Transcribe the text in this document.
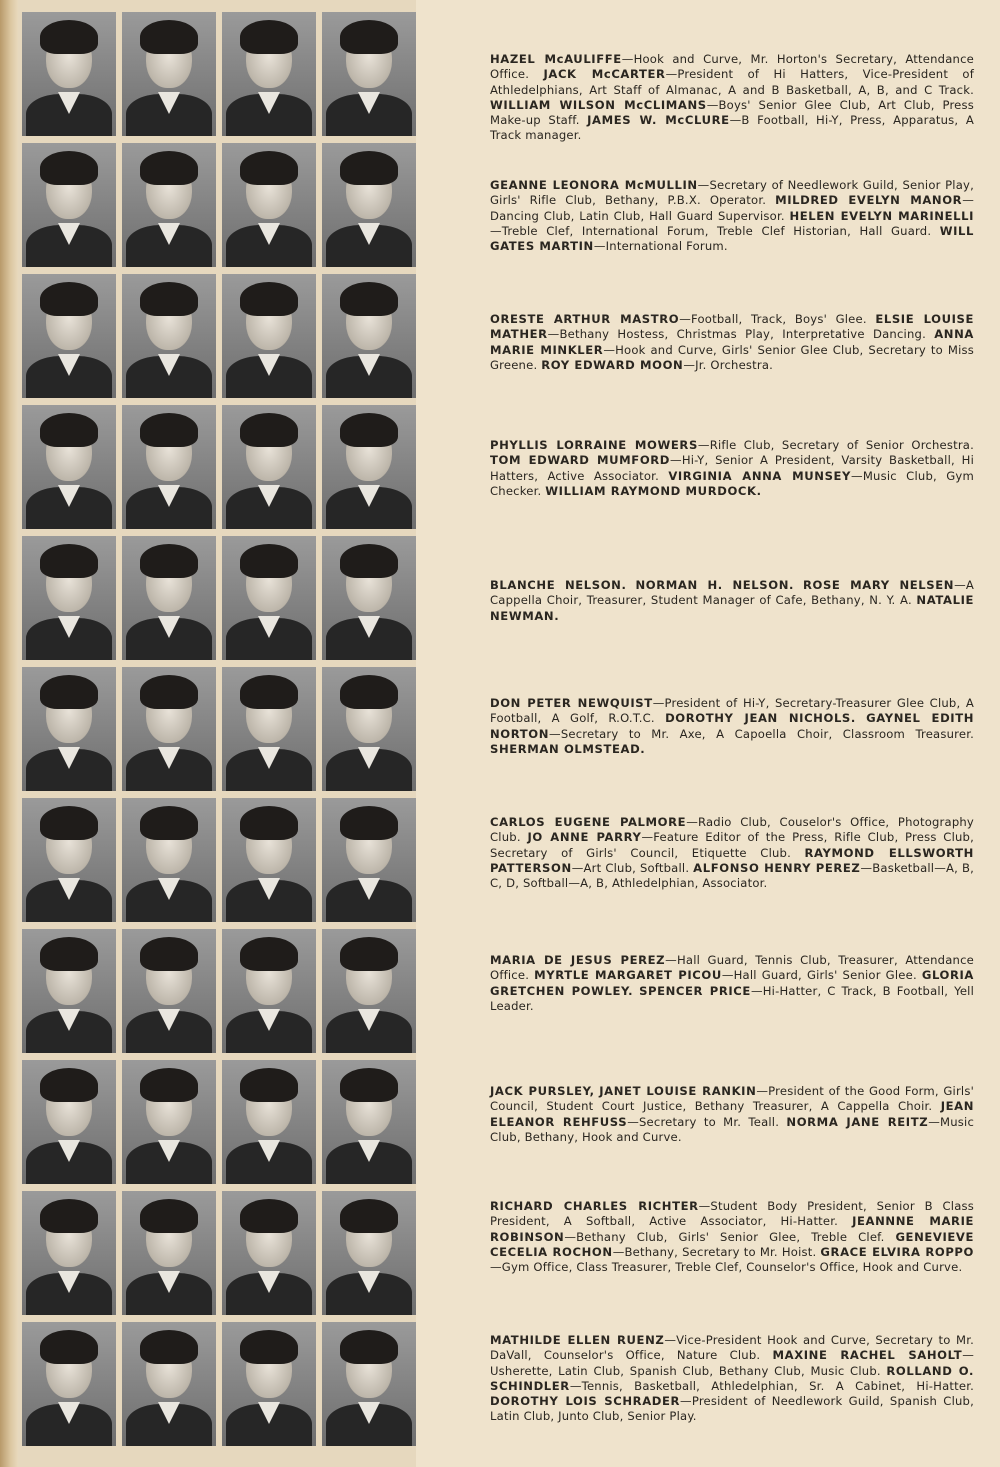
HAZEL McAULIFFE—Hook and Curve, Mr. Horton's Secretary, Attendance Office. JACK McCARTER—President of Hi Hatters, Vice-President of Athledelphians, Art Staff of Almanac, A and B Basketball, A, B, and C Track. WILLIAM WILSON McCLIMANS—Boys' Senior Glee Club, Art Club, Press Make-up Staff. JAMES W. McCLURE—B Football, Hi-Y, Press, Apparatus, A Track manager.
GEANNE LEONORA McMULLIN—Secretary of Needlework Guild, Senior Play, Girls' Rifle Club, Bethany, P.B.X. Operator. MILDRED EVELYN MANOR—Dancing Club, Latin Club, Hall Guard Supervisor. HELEN EVELYN MARINELLI—Treble Clef, International Forum, Treble Clef Historian, Hall Guard. WILL GATES MARTIN—International Forum.
ORESTE ARTHUR MASTRO—Football, Track, Boys' Glee. ELSIE LOUISE MATHER—Bethany Hostess, Christmas Play, Interpretative Dancing. ANNA MARIE MINKLER—Hook and Curve, Girls' Senior Glee Club, Secretary to Miss Greene. ROY EDWARD MOON—Jr. Orchestra.
PHYLLIS LORRAINE MOWERS—Rifle Club, Secretary of Senior Orchestra. TOM EDWARD MUMFORD—Hi-Y, Senior A President, Varsity Basketball, Hi Hatters, Active Associator. VIRGINIA ANNA MUNSEY—Music Club, Gym Checker. WILLIAM RAYMOND MURDOCK.
BLANCHE NELSON. NORMAN H. NELSON. ROSE MARY NELSEN—A Cappella Choir, Treasurer, Student Manager of Cafe, Bethany, N. Y. A. NATALIE NEWMAN.
DON PETER NEWQUIST—President of Hi-Y, Secretary-Treasurer Glee Club, A Football, A Golf, R.O.T.C. DOROTHY JEAN NICHOLS. GAYNEL EDITH NORTON—Secretary to Mr. Axe, A Capoella Choir, Classroom Treasurer. SHERMAN OLMSTEAD.
CARLOS EUGENE PALMORE—Radio Club, Couselor's Office, Photography Club. JO ANNE PARRY—Feature Editor of the Press, Rifle Club, Press Club, Secretary of Girls' Council, Etiquette Club. RAYMOND ELLSWORTH PATTERSON—Art Club, Softball. ALFONSO HENRY PEREZ—Basketball—A, B, C, D, Softball—A, B, Athledelphian, Associator.
MARIA DE JESUS PEREZ—Hall Guard, Tennis Club, Treasurer, Attendance Office. MYRTLE MARGARET PICOU—Hall Guard, Girls' Senior Glee. GLORIA GRETCHEN POWLEY. SPENCER PRICE—Hi-Hatter, C Track, B Football, Yell Leader.
JACK PURSLEY, JANET LOUISE RANKIN—President of the Good Form, Girls' Council, Student Court Justice, Bethany Treasurer, A Cappella Choir. JEAN ELEANOR REHFUSS—Secretary to Mr. Teall. NORMA JANE REITZ—Music Club, Bethany, Hook and Curve.
RICHARD CHARLES RICHTER—Student Body President, Senior B Class President, A Softball, Active Associator, Hi-Hatter. JEANNNE MARIE ROBINSON—Bethany Club, Girls' Senior Glee, Treble Clef. GENEVIEVE CECELIA ROCHON—Bethany, Secretary to Mr. Hoist. GRACE ELVIRA ROPPO—Gym Office, Class Treasurer, Treble Clef, Counselor's Office, Hook and Curve.
MATHILDE ELLEN RUENZ—Vice-President Hook and Curve, Secretary to Mr. DaVall, Counselor's Office, Nature Club. MAXINE RACHEL SAHOLT—Usherette, Latin Club, Spanish Club, Bethany Club, Music Club. ROLLAND O. SCHINDLER—Tennis, Basketball, Athledelphian, Sr. A Cabinet, Hi-Hatter. DOROTHY LOIS SCHRADER—President of Needlework Guild, Spanish Club, Latin Club, Junto Club, Senior Play.
